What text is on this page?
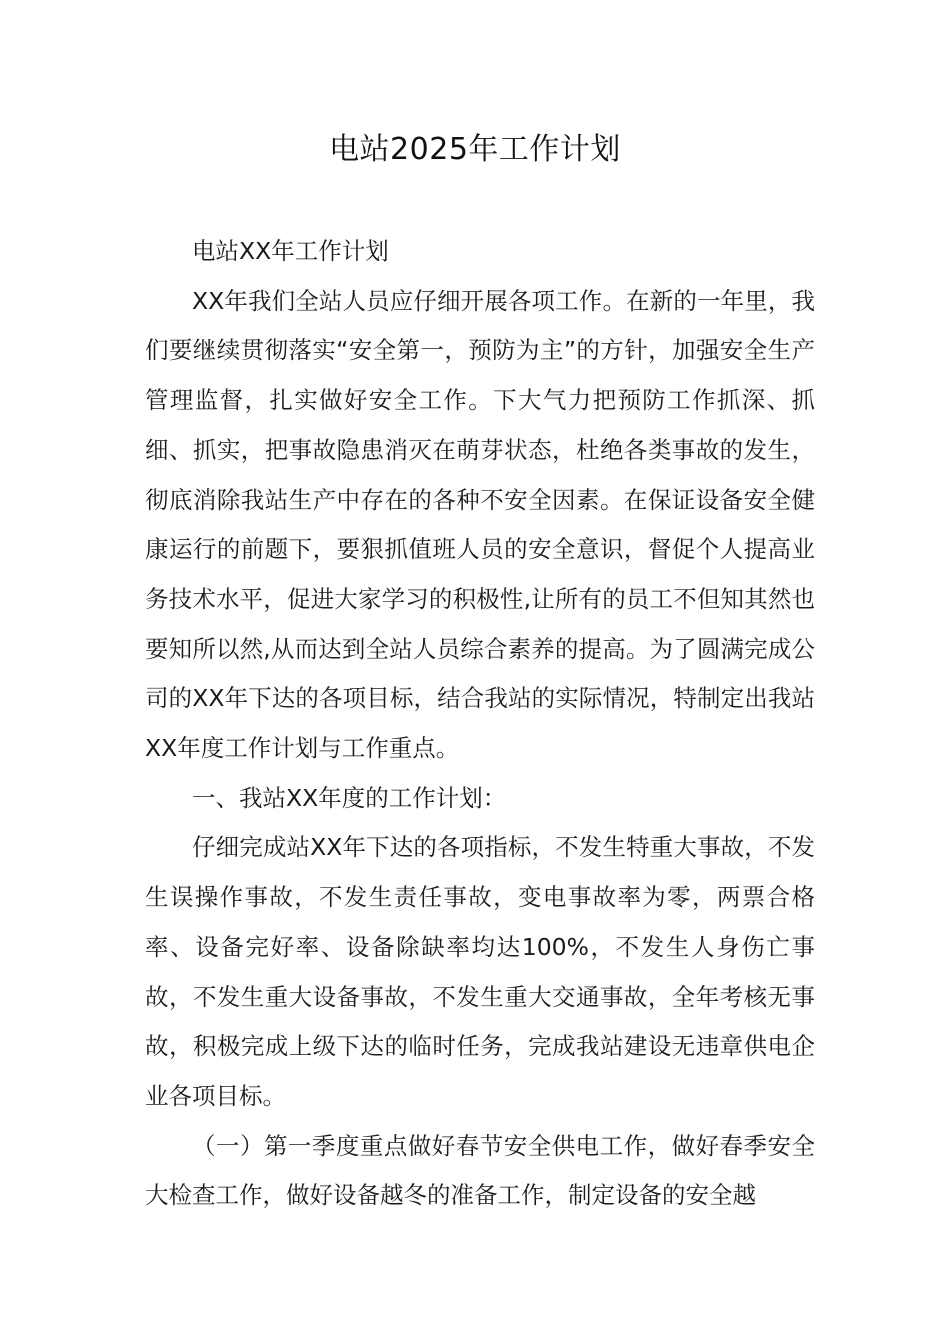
电站2025年工作计划

电站XX年工作计划

XX年我们全站人员应仔细开展各项工作。在新的一年里，我们要继续贯彻落实“安全第一，预防为主”的方针，加强安全生产管理监督，扎实做好安全工作。下大气力把预防工作抓深、抓细、抓实，把事故隐患消灭在萌芽状态，杜绝各类事故的发生，彻底消除我站生产中存在的各种不安全因素。在保证设备安全健康运行的前题下，要狠抓值班人员的安全意识，督促个人提高业务技术水平，促进大家学习的积极性,让所有的员工不但知其然也要知所以然,从而达到全站人员综合素养的提高。为了圆满完成公司的XX年下达的各项目标，结合我站的实际情况，特制定出我站XX年度工作计划与工作重点。

一、我站XX年度的工作计划：

仔细完成站XX年下达的各项指标，不发生特重大事故，不发生误操作事故，不发生责任事故，变电事故率为零，两票合格率、设备完好率、设备除缺率均达100%，不发生人身伤亡事故，不发生重大设备事故，不发生重大交通事故，全年考核无事故，积极完成上级下达的临时任务，完成我站建设无违章供电企业各项目标。

（一）第一季度重点做好春节安全供电工作，做好春季安全大检查工作，做好设备越冬的准备工作，制定设备的安全越
